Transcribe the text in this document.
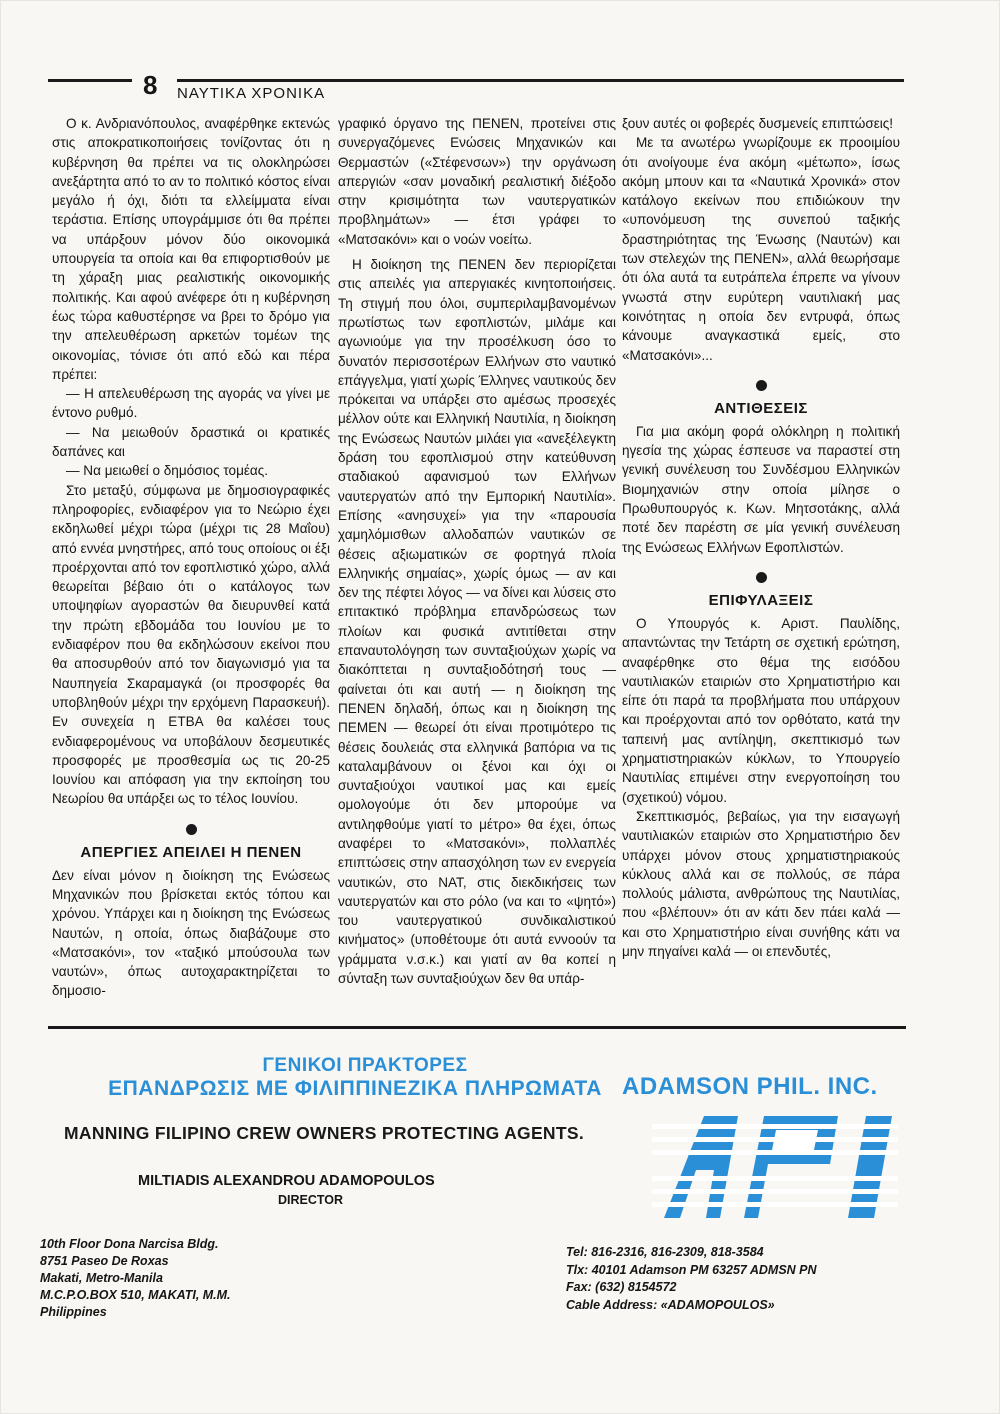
8 ΝΑΥΤΙΚΑ ΧΡΟΝΙΚΑ

Ο κ. Ανδριανόπουλος, αναφέρθηκε εκτενώς στις αποκρατικοποιήσεις τονίζοντας ότι η κυβέρνηση θα πρέπει να τις ολοκληρώσει ανεξάρτητα από το αν το πολιτικό κόστος είναι μεγάλο ή όχι, διότι τα ελλείμματα είναι τεράστια. Επίσης υπογράμμισε ότι θα πρέπει να υπάρξουν μόνον δύο οικονομικά υπουργεία τα οποία και θα επιφορτισθούν με τη χάραξη μιας ρεαλιστικής οικονομικής πολιτικής. Και αφού ανέφερε ότι η κυβέρνηση έως τώρα καθυστέρησε να βρει το δρόμο για την απελευθέρωση αρκετών τομέων της οικονομίας, τόνισε ότι από εδώ και πέρα πρέπει:

— Η απελευθέρωση της αγοράς να γίνει με έντονο ρυθμό.

— Να μειωθούν δραστικά οι κρατικές δαπάνες και

— Να μειωθεί ο δημόσιος τομέας.

Στο μεταξύ, σύμφωνα με δημοσιογραφικές πληροφορίες, ενδιαφέρον για το Νεώριο έχει εκδηλωθεί μέχρι τώρα (μέχρι τις 28 Μαΐου) από εννέα μνηστήρες, από τους οποίους οι έξι προέρχονται από τον εφοπλιστικό χώρο, αλλά θεωρείται βέβαιο ότι ο κατάλογος των υποψηφίων αγοραστών θα διευρυνθεί κατά την πρώτη εβδομάδα του Ιουνίου με το ενδιαφέρον που θα εκδηλώσουν εκείνοι που θα αποσυρθούν από τον διαγωνισμό για τα Ναυπηγεία Σκαραμαγκά (οι προσφορές θα υποβληθούν μέχρι την ερχόμενη Παρασκευή). Εν συνεχεία η ΕΤΒΑ θα καλέσει τους ενδιαφερομένους να υποβάλουν δεσμευτικές προσφορές με προσθεσμία ως τις 20-25 Ιουνίου και απόφαση για την εκποίηση του Νεωρίου θα υπάρξει ως το τέλος Ιουνίου.

ΑΠΕΡΓΙΕΣ ΑΠΕΙΛΕΙ Η ΠΕΝΕΝ

Δεν είναι μόνον η διοίκηση της Ενώσεως Μηχανικών που βρίσκεται εκτός τόπου και χρόνου. Υπάρχει και η διοίκηση της Ενώσεως Ναυτών, η οποία, όπως διαβάζουμε στο «Ματσακόνι», τον «ταξικό μπούσουλα των ναυτών», όπως αυτοχαρακτηρίζεται το δημοσιο-

γραφικό όργανο της ΠΕΝΕΝ, προτείνει στις συνεργαζόμενες Ενώσεις Μηχανικών και Θερμαστών («Στέφενσων») την οργάνωση απεργιών «σαν μοναδική ρεαλιστική διέξοδο στην κρισιμότητα των ναυτεργατικών προβλημάτων» — έτσι γράφει το «Ματσακόνι» και ο νοών νοείτω.

Η διοίκηση της ΠΕΝΕΝ δεν περιορίζεται στις απειλές για απεργιακές κινητοποιήσεις. Τη στιγμή που όλοι, συμπεριλαμβανομένων πρωτίστως των εφοπλιστών, μιλάμε και αγωνιούμε για την προσέλκυση όσο το δυνατόν περισσοτέρων Ελλήνων στο ναυτικό επάγγελμα, γιατί χωρίς Έλληνες ναυτικούς δεν πρόκειται να υπάρξει στο αμέσως προσεχές μέλλον ούτε και Ελληνική Ναυτιλία, η διοίκηση της Ενώσεως Ναυτών μιλάει για «ανεξέλεγκτη δράση του εφοπλισμού στην κατεύθυνση σταδιακού αφανισμού των Ελλήνων ναυτεργατών από την Εμπορική Ναυτιλία». Επίσης «ανησυχεί» για την «παρουσία χαμηλόμισθων αλλοδαπών ναυτικών σε θέσεις αξιωματικών σε φορτηγά πλοία Ελληνικής σημαίας», χωρίς όμως — αν και δεν της πέφτει λόγος — να δίνει και λύσεις στο επιτακτικό πρόβλημα επανδρώσεως των πλοίων και φυσικά αντιτίθεται στην επαναυτολόγηση των συνταξιούχων χωρίς να διακόπτεται η συνταξιοδότησή τους — φαίνεται ότι και αυτή — η διοίκηση της ΠΕΝΕΝ δηλαδή, όπως και η διοίκηση της ΠΕΜΕΝ — θεωρεί ότι είναι προτιμότερο τις θέσεις δουλειάς στα ελληνικά βαπόρια να τις καταλαμβάνουν οι ξένοι και όχι οι συνταξιούχοι ναυτικοί μας και εμείς ομολογούμε ότι δεν μπορούμε να αντιληφθούμε γιατί το μέτρο» θα έχει, όπως αναφέρει το «Ματσακόνι», πολλαπλές επιπτώσεις στην απασχόληση των εν ενεργεία ναυτικών, στο ΝΑΤ, στις διεκδικήσεις των ναυτεργατών και στο ρόλο (να και το «ψητό») του ναυτεργατικού συνδικαλιστικού κινήματος» (υποθέτουμε ότι αυτά εννοούν τα γράμματα ν.σ.κ.) και γιατί αν θα κοπεί η σύνταξη των συνταξιούχων δεν θα υπάρ-

ξουν αυτές οι φοβερές δυσμενείς επιπτώσεις!

Με τα ανωτέρω γνωρίζουμε εκ προοιμίου ότι ανοίγουμε ένα ακόμη «μέτωπο», ίσως ακόμη μπουν και τα «Ναυτικά Χρονικά» στον κατάλογο εκείνων που επιδιώκουν την «υπονόμευση της συνεπού ταξικής δραστηριότητας της Ένωσης (Ναυτών) και των στελεχών της ΠΕΝΕΝ», αλλά θεωρήσαμε ότι όλα αυτά τα ευτράπελα έπρεπε να γίνουν γνωστά στην ευρύτερη ναυτιλιακή μας κοινότητας η οποία δεν εντρυφά, όπως κάνουμε αναγκαστικά εμείς, στο «Ματσακόνι»...

ΑΝΤΙΘΕΣΕΙΣ

Για μια ακόμη φορά ολόκληρη η πολιτική ηγεσία της χώρας έσπευσε να παραστεί στη γενική συνέλευση του Συνδέσμου Ελληνικών Βιομηχανιών στην οποία μίλησε ο Πρωθυπουργός κ. Κων. Μητσοτάκης, αλλά ποτέ δεν παρέστη σε μία γενική συνέλευση της Ενώσεως Ελλήνων Εφοπλιστών.

ΕΠΙΦΥΛΑΞΕΙΣ

Ο Υπουργός κ. Αριστ. Παυλίδης, απαντώντας την Τετάρτη σε σχετική ερώτηση, αναφέρθηκε στο θέμα της εισόδου ναυτιλιακών εταιριών στο Χρηματιστήριο και είπε ότι παρά τα προβλήματα που υπάρχουν και προέρχονται από τον ορθότατο, κατά την ταπεινή μας αντίληψη, σκεπτικισμό των χρηματιστηριακών κύκλων, το Υπουργείο Ναυτιλίας επιμένει στην ενεργοποίηση του (σχετικού) νόμου.

Σκεπτικισμός, βεβαίως, για την εισαγωγή ναυτιλιακών εταιριών στο Χρηματιστήριο δεν υπάρχει μόνον στους χρηματιστηριακούς κύκλους αλλά και σε πολλούς, σε πάρα πολλούς μάλιστα, ανθρώπους της Ναυτιλίας, που «βλέπουν» ότι αν κάτι δεν πάει καλά — και στο Χρηματιστήριο είναι συνήθης κάτι να μην πηγαίνει καλά — οι επενδυτές,

ΓΕΝΙΚΟΙ ΠΡΑΚΤΟΡΕΣ
ΕΠΑΝΔΡΩΣΙΣ ΜΕ ΦΙΛΙΠΠΙΝΕΖΙΚΑ ΠΛΗΡΩΜΑΤΑ ADAMSON PHIL. INC.
MANNING FILIPINO CREW OWNERS PROTECTING AGENTS.
MILTIADIS ALEXANDROU ADAMOPOULOS
DIRECTOR
10th Floor Dona Narcisa Bldg.
8751 Paseo De Roxas
Makati, Metro-Manila
M.C.P.O.BOX 510, MAKATI, M.M.
Philippines
Tel: 816-2316, 816-2309, 818-3584
Tlx: 40101 Adamson PM 63257 ADMSN PN
Fax: (632) 8154572
Cable Address: «ADAMOPOULOS»
